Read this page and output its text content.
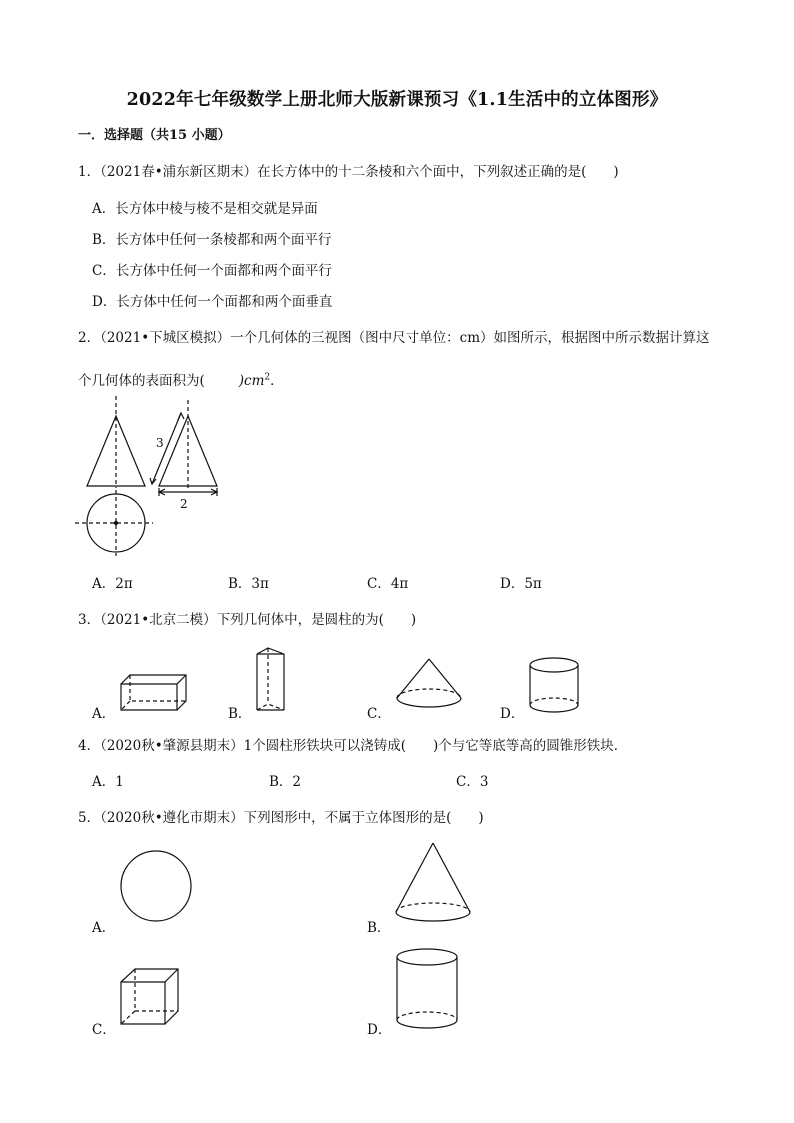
2022年七年级数学上册北师大版新课预习《1.1生活中的立体图形》
一．选择题（共15 小题）
1．（2021春•浦东新区期末）在长方体中的十二条棱和六个面中，下列叙述正确的是(　　)
A．长方体中棱与棱不是相交就是异面
B．长方体中任何一条棱都和两个面平行
C．长方体中任何一个面都和两个面平行
D．长方体中任何一个面都和两个面垂直
2．（2021•下城区模拟）一个几何体的三视图（图中尺寸单位：cm）如图所示，根据图中所示数据计算这
个几何体的表面积为(	)$cm^2$．
3
2
A．2π	B．3π	C．4π	D．5π
3．（2021•北京二模）下列几何体中，是圆柱的为(　　)
A．	B．	C．	D．
4．（2020秋•肇源县期末）1个圆柱形铁块可以浇铸成(　　)个与它等底等高的圆锥形铁块．
A．1	B．2	C．3
5．（2020秋•遵化市期末）下列图形中，不属于立体图形的是(　　)
A．	B．
C．	D．
